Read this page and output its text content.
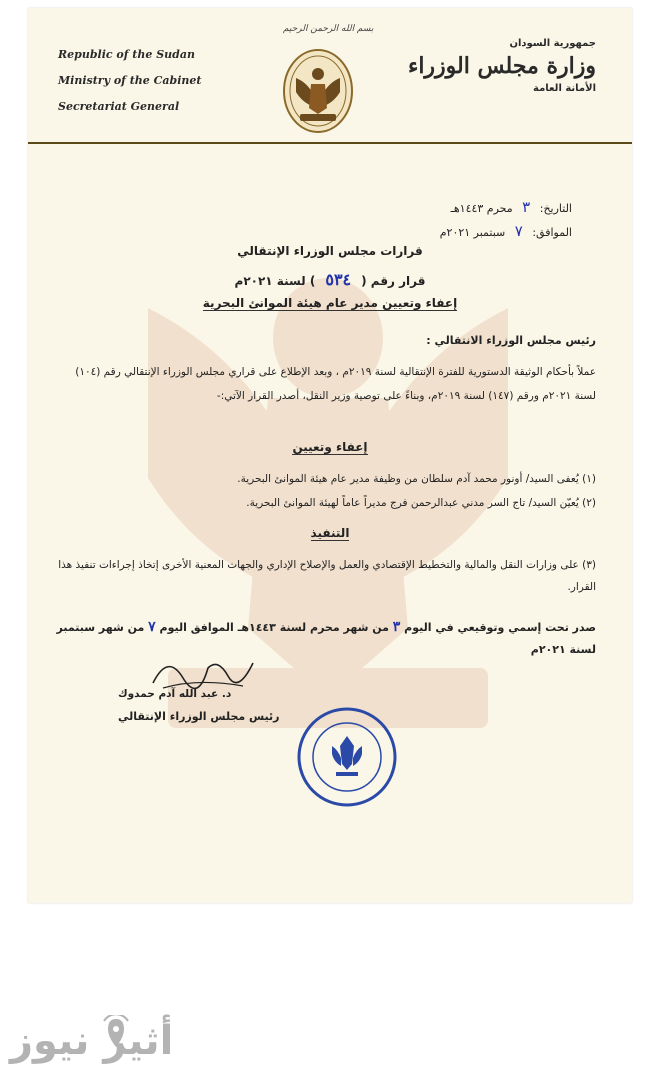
بسم الله الرحمن الرحيم
Republic of the Sudan
Ministry of the Cabinet
Secretariat General
جمهورية السودان
وزارة مجلس الوزراء
الأمانة العامة
التاريخ: ٣ محرم ١٤٤٣هـ
الموافق: ٧ سبتمبر ٢٠٢١م
قرارات مجلس الوزراء الإنتقالي
قرار رقم (٥٣٤) لسنة ٢٠٢١م
إعفاء وتعيين مدير عام هيئة الموانئ البحرية
رئيس مجلس الوزراء الانتقالي :
عملاً بأحكام الوثيقة الدستورية للفترة الإنتقالية لسنة ٢٠١٩م ، وبعد الإطلاع على قراري مجلس الوزراء الإنتقالي رقم (١٠٤) لسنة ٢٠٢١م ورقم (١٤٧) لسنة ٢٠١٩م، وبناءً على توصية وزير النقل، أصدر القرار الآتي:-
إعفاء وتعيين
(١) يُعفى السيد/ أونور محمد آدم سلطان من وظيفة مدير عام هيئة الموانئ البحرية.
(٢) يُعيّن السيد/ تاج السر مدني عبدالرحمن فرج مديراً عاماً لهيئة الموانئ البحرية.
التنفيذ
(٣) على وزارات النقل والمالية والتخطيط الإقتصادي والعمل والإصلاح الإداري والجهات المعنية الأخرى إتخاذ إجراءات تنفيذ هذا القرار.
صدر تحت إسمي وتوقيعي في اليوم ٣ من شهر محرم لسنة ١٤٤٣هـ الموافق اليوم ٧ من شهر سبتمبر لسنة ٢٠٢١م
د. عبد الله آدم حمدوك
رئيس مجلس الوزراء الإنتقالي
أثير نيوز
